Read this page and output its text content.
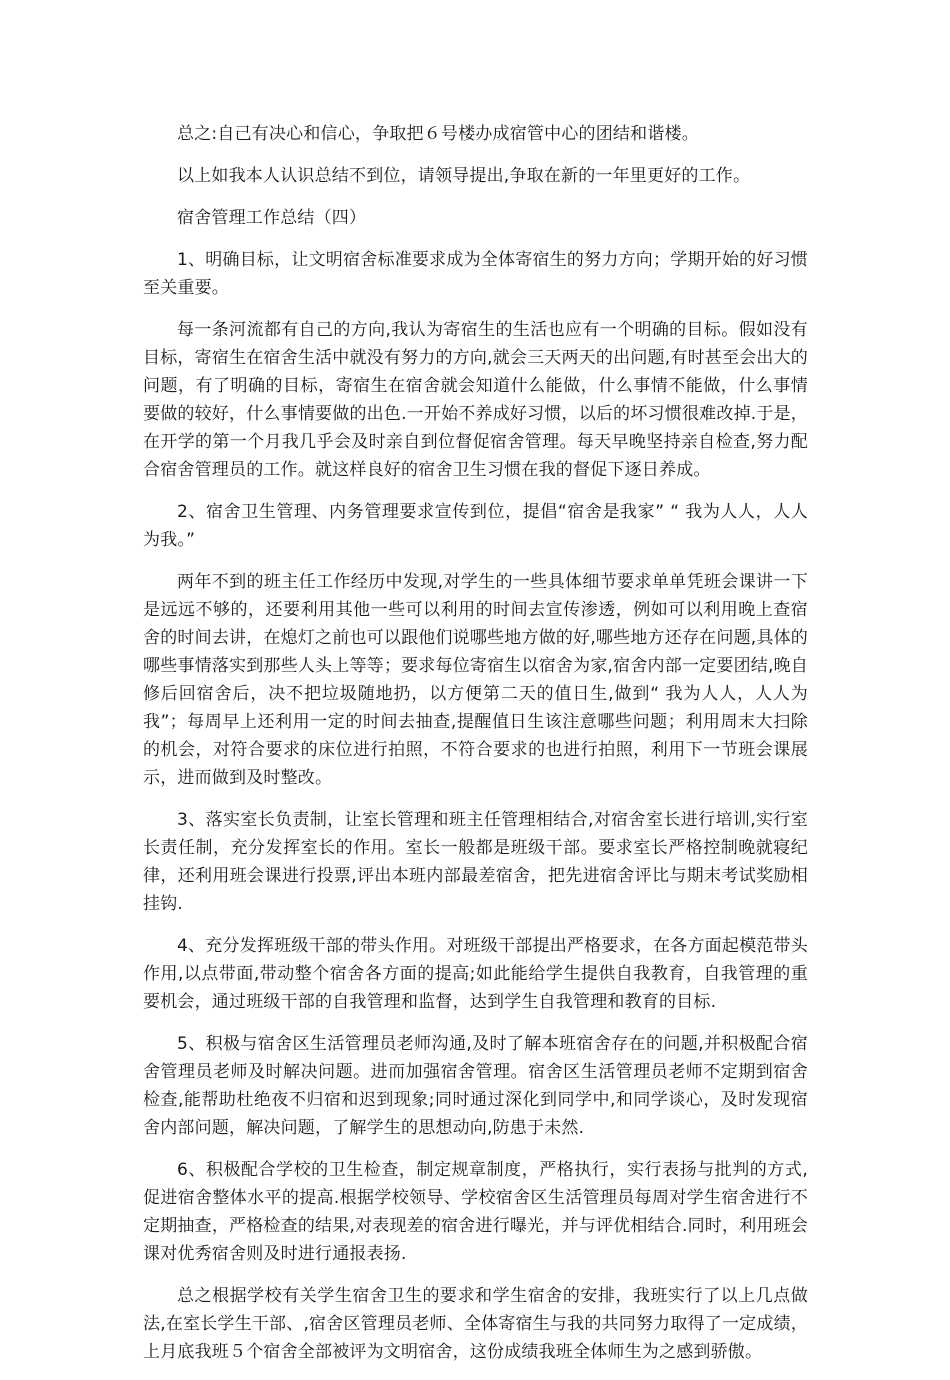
总之:自己有决心和信心，争取把６号楼办成宿管中心的团结和谐楼。

以上如我本人认识总结不到位，请领导提出,争取在新的一年里更好的工作。

宿舍管理工作总结（四）

1、明确目标，让文明宿舍标准要求成为全体寄宿生的努力方向；学期开始的好习惯至关重要。

每一条河流都有自己的方向,我认为寄宿生的生活也应有一个明确的目标。假如没有目标，寄宿生在宿舍生活中就没有努力的方向,就会三天两天的出问题,有时甚至会出大的问题，有了明确的目标，寄宿生在宿舍就会知道什么能做，什么事情不能做，什么事情要做的较好，什么事情要做的出色.一开始不养成好习惯，以后的坏习惯很难改掉.于是，在开学的第一个月我几乎会及时亲自到位督促宿舍管理。每天早晚坚持亲自检查,努力配合宿舍管理员的工作。就这样良好的宿舍卫生习惯在我的督促下逐日养成。

2、宿舍卫生管理、内务管理要求宣传到位，提倡“宿舍是我家” “ 我为人人，人人为我。”

两年不到的班主任工作经历中发现,对学生的一些具体细节要求单单凭班会课讲一下是远远不够的，还要利用其他一些可以利用的时间去宣传渗透，例如可以利用晚上查宿舍的时间去讲，在熄灯之前也可以跟他们说哪些地方做的好,哪些地方还存在问题,具体的哪些事情落实到那些人头上等等；要求每位寄宿生以宿舍为家,宿舍内部一定要团结,晚自修后回宿舍后，决不把垃圾随地扔，以方便第二天的值日生,做到“ 我为人人，人人为我”；每周早上还利用一定的时间去抽查,提醒值日生该注意哪些问题；利用周末大扫除的机会，对符合要求的床位进行拍照，不符合要求的也进行拍照，利用下一节班会课展示，进而做到及时整改。

3、落实室长负责制，让室长管理和班主任管理相结合,对宿舍室长进行培训,实行室长责任制，充分发挥室长的作用。室长一般都是班级干部。要求室长严格控制晚就寝纪律，还利用班会课进行投票,评出本班内部最差宿舍，把先进宿舍评比与期末考试奖励相挂钩.

4、充分发挥班级干部的带头作用。对班级干部提出严格要求，在各方面起模范带头作用,以点带面,带动整个宿舍各方面的提高;如此能给学生提供自我教育，自我管理的重要机会，通过班级干部的自我管理和监督，达到学生自我管理和教育的目标.

5、积极与宿舍区生活管理员老师沟通,及时了解本班宿舍存在的问题,并积极配合宿舍管理员老师及时解决问题。进而加强宿舍管理。宿舍区生活管理员老师不定期到宿舍检查,能帮助杜绝夜不归宿和迟到现象;同时通过深化到同学中,和同学谈心，及时发现宿舍内部问题，解决问题，了解学生的思想动向,防患于未然.

6、积极配合学校的卫生检查，制定规章制度，严格执行，实行表扬与批判的方式,促进宿舍整体水平的提高.根据学校领导、学校宿舍区生活管理员每周对学生宿舍进行不定期抽查，严格检查的结果,对表现差的宿舍进行曝光，并与评优相结合.同时，利用班会课对优秀宿舍则及时进行通报表扬.

总之根据学校有关学生宿舍卫生的要求和学生宿舍的安排，我班实行了以上几点做法,在室长学生干部、,宿舍区管理员老师、全体寄宿生与我的共同努力取得了一定成绩，上月底我班５个宿舍全部被评为文明宿舍，这份成绩我班全体师生为之感到骄傲。
